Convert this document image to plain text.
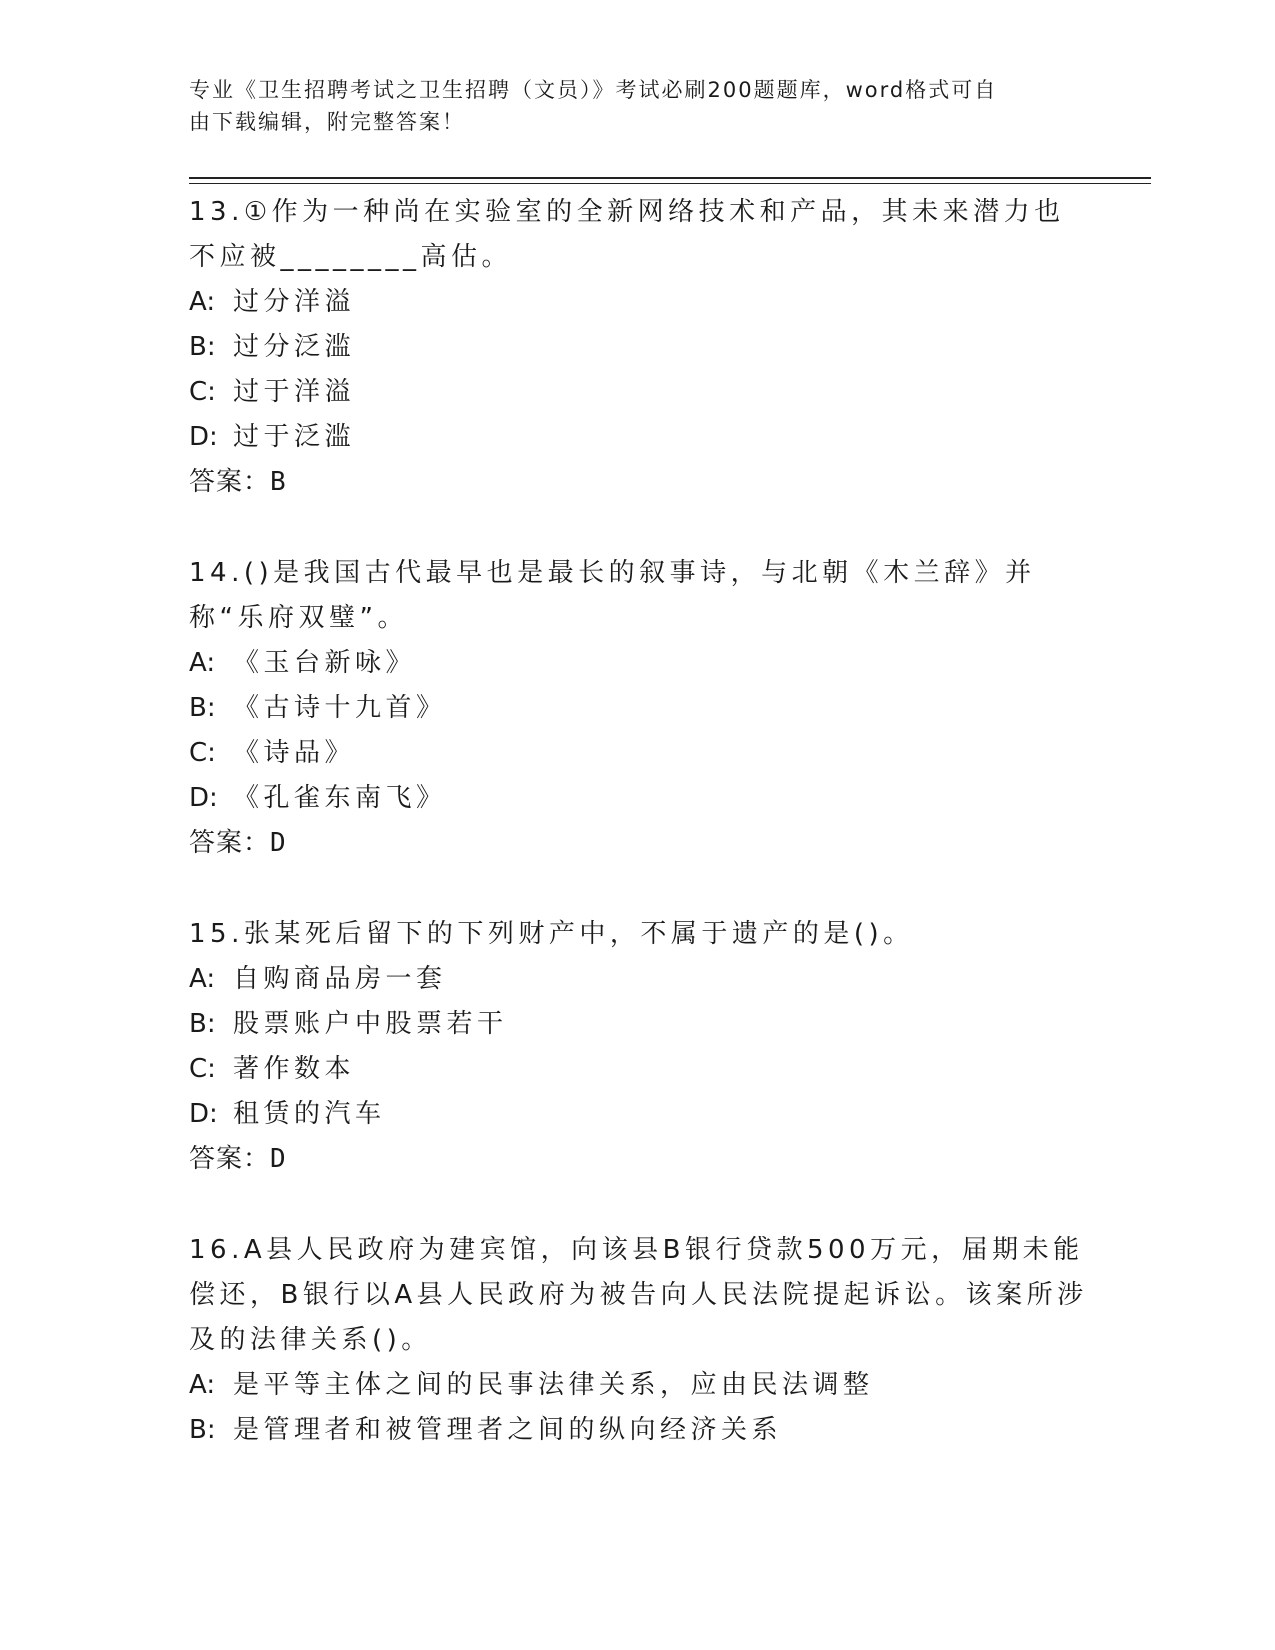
专业《卫生招聘考试之卫生招聘（文员）》考试必刷200题题库，word格式可自
由下载编辑，附完整答案！

13.①作为一种尚在实验室的全新网络技术和产品，其未来潜力也不应被________高估。

A: 过分洋溢
B: 过分泛滥
C: 过于洋溢
D: 过于泛滥
答案：B

14.()是我国古代最早也是最长的叙事诗，与北朝《木兰辞》并称“乐府双璧”。

A: 《玉台新咏》
B: 《古诗十九首》
C: 《诗品》
D: 《孔雀东南飞》
答案：D

15.张某死后留下的下列财产中，不属于遗产的是()。

A: 自购商品房一套
B: 股票账户中股票若干
C: 著作数本
D: 租赁的汽车
答案：D

16.A县人民政府为建宾馆，向该县B银行贷款500万元，届期未能偿还，B银行以A县人民政府为被告向人民法院提起诉讼。该案所涉及的法律关系()。

A: 是平等主体之间的民事法律关系，应由民法调整
B: 是管理者和被管理者之间的纵向经济关系
